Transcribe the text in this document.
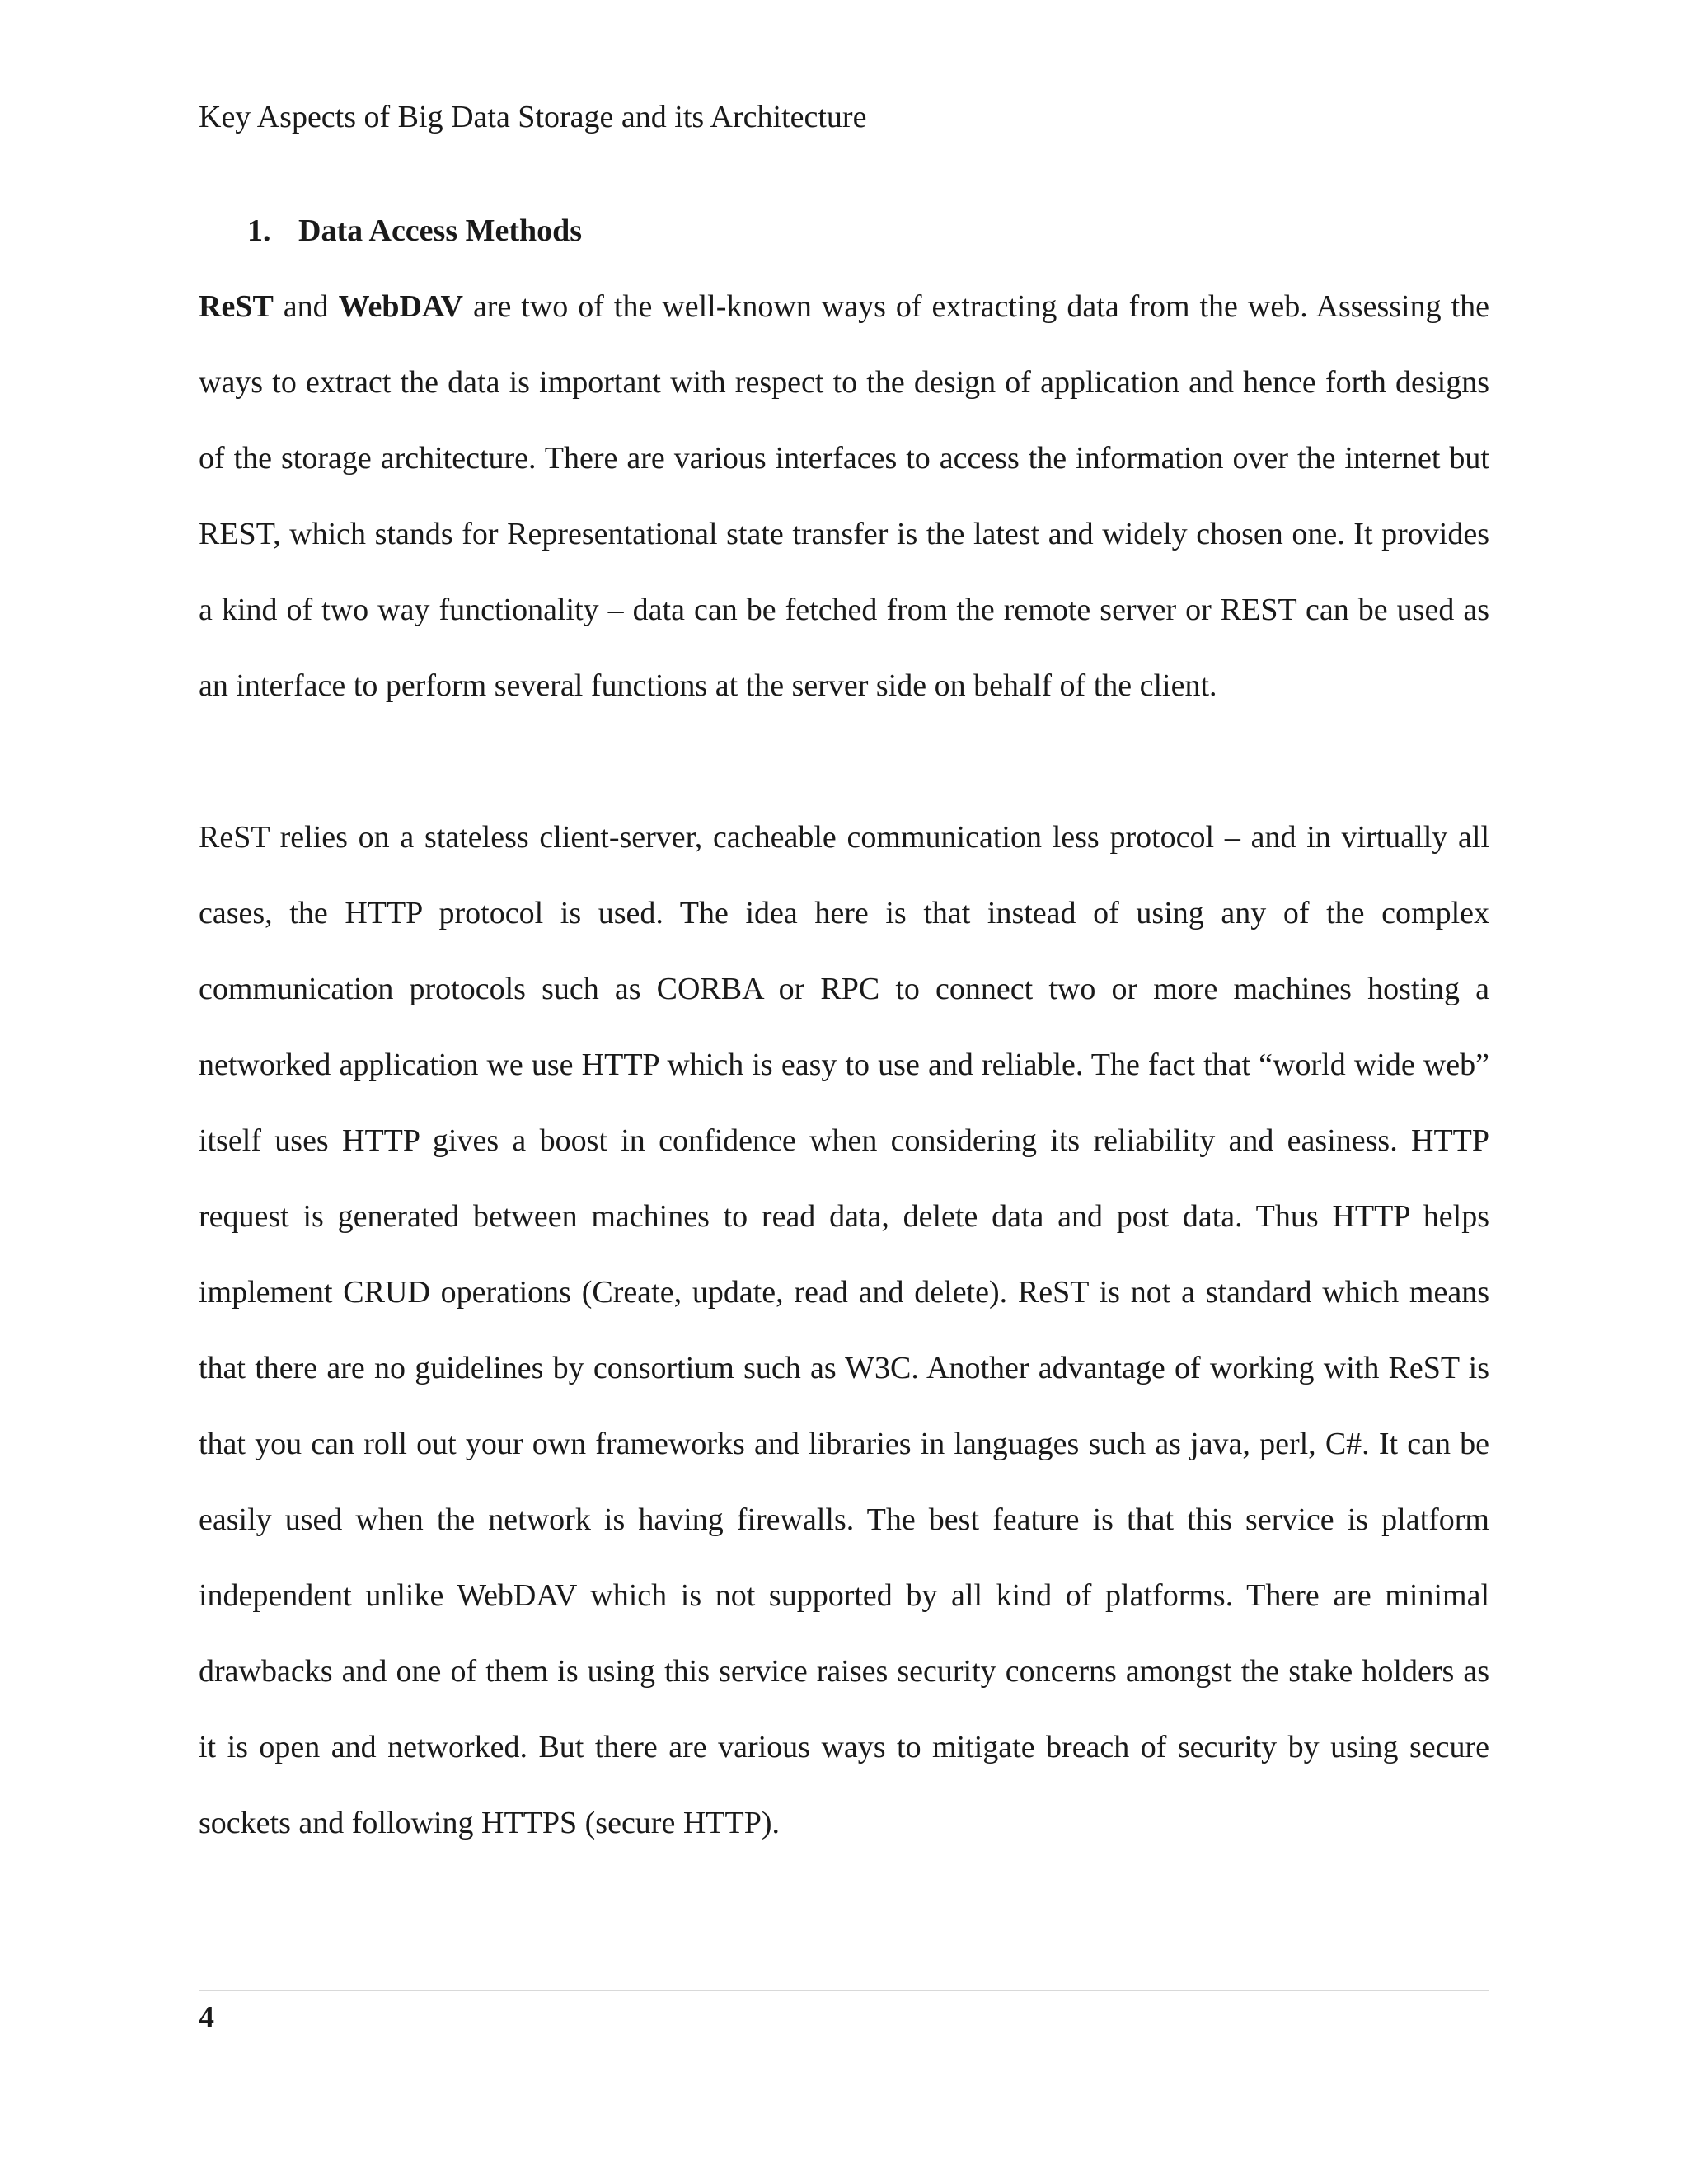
Key Aspects of Big Data Storage and its Architecture
1. Data Access Methods

ReST and WebDAV are two of the well-known ways of extracting data from the web. Assessing the ways to extract the data is important with respect to the design of application and hence forth designs of the storage architecture. There are various interfaces to access the information over the internet but REST, which stands for Representational state transfer is the latest and widely chosen one. It provides a kind of two way functionality – data can be fetched from the remote server or REST can be used as an interface to perform several functions at the server side on behalf of the client.

ReST relies on a stateless client-server, cacheable communication less protocol – and in virtually all cases, the HTTP protocol is used. The idea here is that instead of using any of the complex communication protocols such as CORBA or RPC to connect two or more machines hosting a networked application we use HTTP which is easy to use and reliable. The fact that “world wide web” itself uses HTTP gives a boost in confidence when considering its reliability and easiness. HTTP request is generated between machines to read data, delete data and post data. Thus HTTP helps implement CRUD operations (Create, update, read and delete). ReST is not a standard which means that there are no guidelines by consortium such as W3C. Another advantage of working with ReST is that you can roll out your own frameworks and libraries in languages such as java, perl, C#. It can be easily used when the network is having firewalls. The best feature is that this service is platform independent unlike WebDAV which is not supported by all kind of platforms. There are minimal drawbacks and one of them is using this service raises security concerns amongst the stake holders as it is open and networked. But there are various ways to mitigate breach of security by using secure sockets and following HTTPS (secure HTTP).

4
